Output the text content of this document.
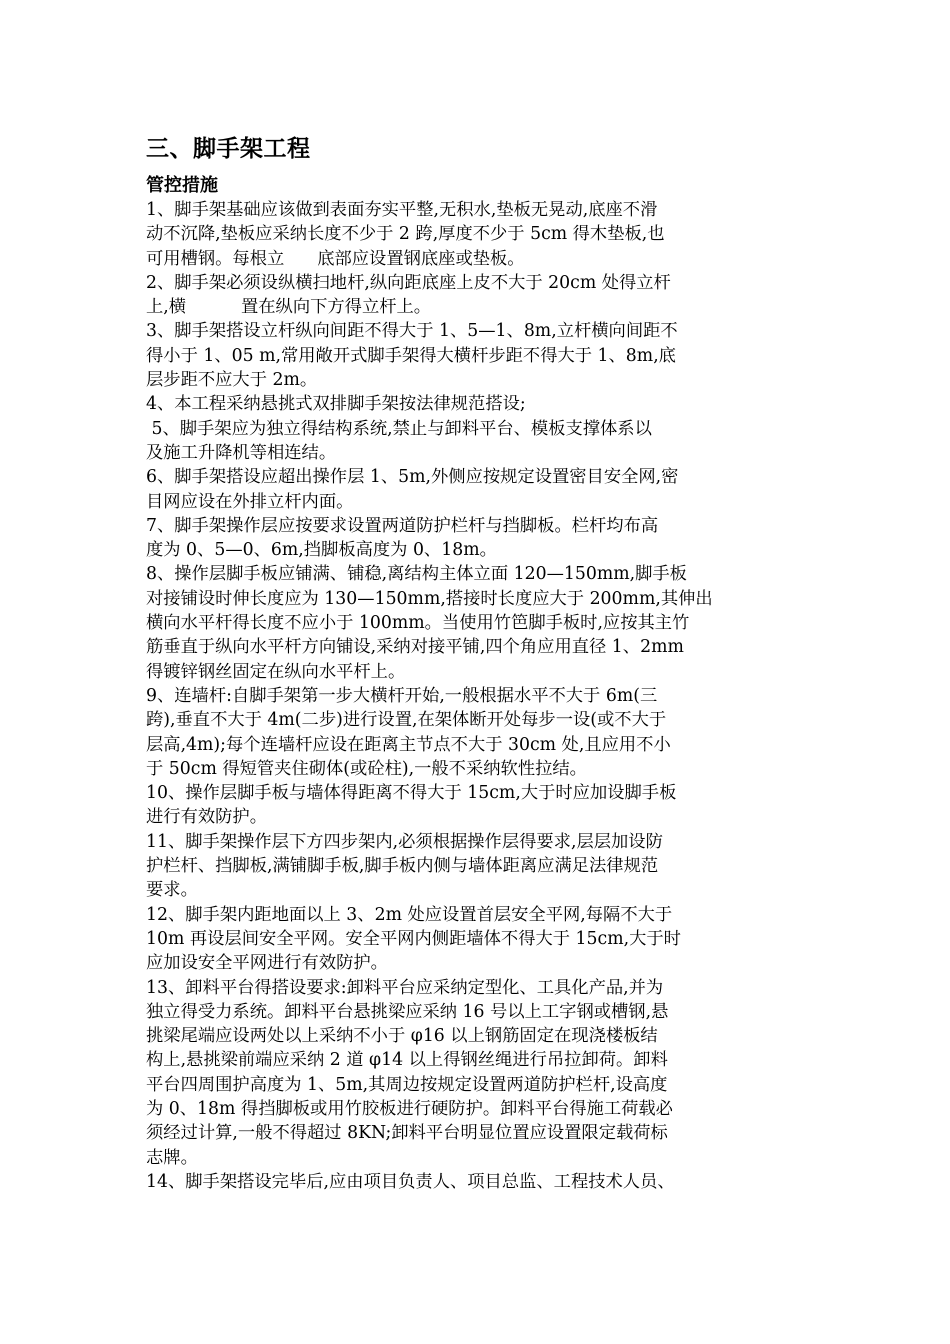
三、脚手架工程
管控措施
1、脚手架基础应该做到表面夯实平整,无积水,垫板无晃动,底座不滑
动不沉降,垫板应采纳长度不少于 2 跨,厚度不少于 5cm 得木垫板,也
可用槽钢。每根立      底部应设置钢底座或垫板。
2、脚手架必须设纵横扫地杆,纵向距底座上皮不大于 20cm 处得立杆
上,横          置在纵向下方得立杆上。
3、脚手架搭设立杆纵向间距不得大于 1、5—1、8m,立杆横向间距不
得小于 1、05 m,常用敞开式脚手架得大横杆步距不得大于 1、8m,底
层步距不应大于 2m。
4、本工程采纳悬挑式双排脚手架按法律规范搭设;
5、脚手架应为独立得结构系统,禁止与卸料平台、模板支撑体系以
及施工升降机等相连结。
6、脚手架搭设应超出操作层 1、5m,外侧应按规定设置密目安全网,密
目网应设在外排立杆内面。
7、脚手架操作层应按要求设置两道防护栏杆与挡脚板。栏杆均布高
度为 0、5—0、6m,挡脚板高度为 0、18m。
8、操作层脚手板应铺满、铺稳,离结构主体立面 120—150mm,脚手板
对接铺设时伸长度应为 130—150mm,搭接时长度应大于 200mm,其伸出
横向水平杆得长度不应小于 100mm。当使用竹笆脚手板时,应按其主竹
筋垂直于纵向水平杆方向铺设,采纳对接平铺,四个角应用直径 1、2mm
得镀锌钢丝固定在纵向水平杆上。
9、连墙杆:自脚手架第一步大横杆开始,一般根据水平不大于 6m(三
跨),垂直不大于 4m(二步)进行设置,在架体断开处每步一设(或不大于
层高,4m);每个连墙杆应设在距离主节点不大于 30cm 处,且应用不小
于 50cm 得短管夹住砌体(或砼柱),一般不采纳软性拉结。
10、操作层脚手板与墙体得距离不得大于 15cm,大于时应加设脚手板
进行有效防护。
11、脚手架操作层下方四步架内,必须根据操作层得要求,层层加设防
护栏杆、挡脚板,满铺脚手板,脚手板内侧与墙体距离应满足法律规范
要求。
12、脚手架内距地面以上 3、2m 处应设置首层安全平网,每隔不大于
10m 再设层间安全平网。安全平网内侧距墙体不得大于 15cm,大于时
应加设安全平网进行有效防护。
13、卸料平台得搭设要求:卸料平台应采纳定型化、工具化产品,并为
独立得受力系统。卸料平台悬挑梁应采纳 16 号以上工字钢或槽钢,悬
挑梁尾端应设两处以上采纳不小于 φ16 以上钢筋固定在现浇楼板结
构上,悬挑梁前端应采纳 2 道 φ14 以上得钢丝绳进行吊拉卸荷。卸料
平台四周围护高度为 1、5m,其周边按规定设置两道防护栏杆,设高度
为 0、18m 得挡脚板或用竹胶板进行硬防护。卸料平台得施工荷载必
须经过计算,一般不得超过 8KN;卸料平台明显位置应设置限定载荷标
志牌。
14、脚手架搭设完毕后,应由项目负责人、项目总监、工程技术人员、
